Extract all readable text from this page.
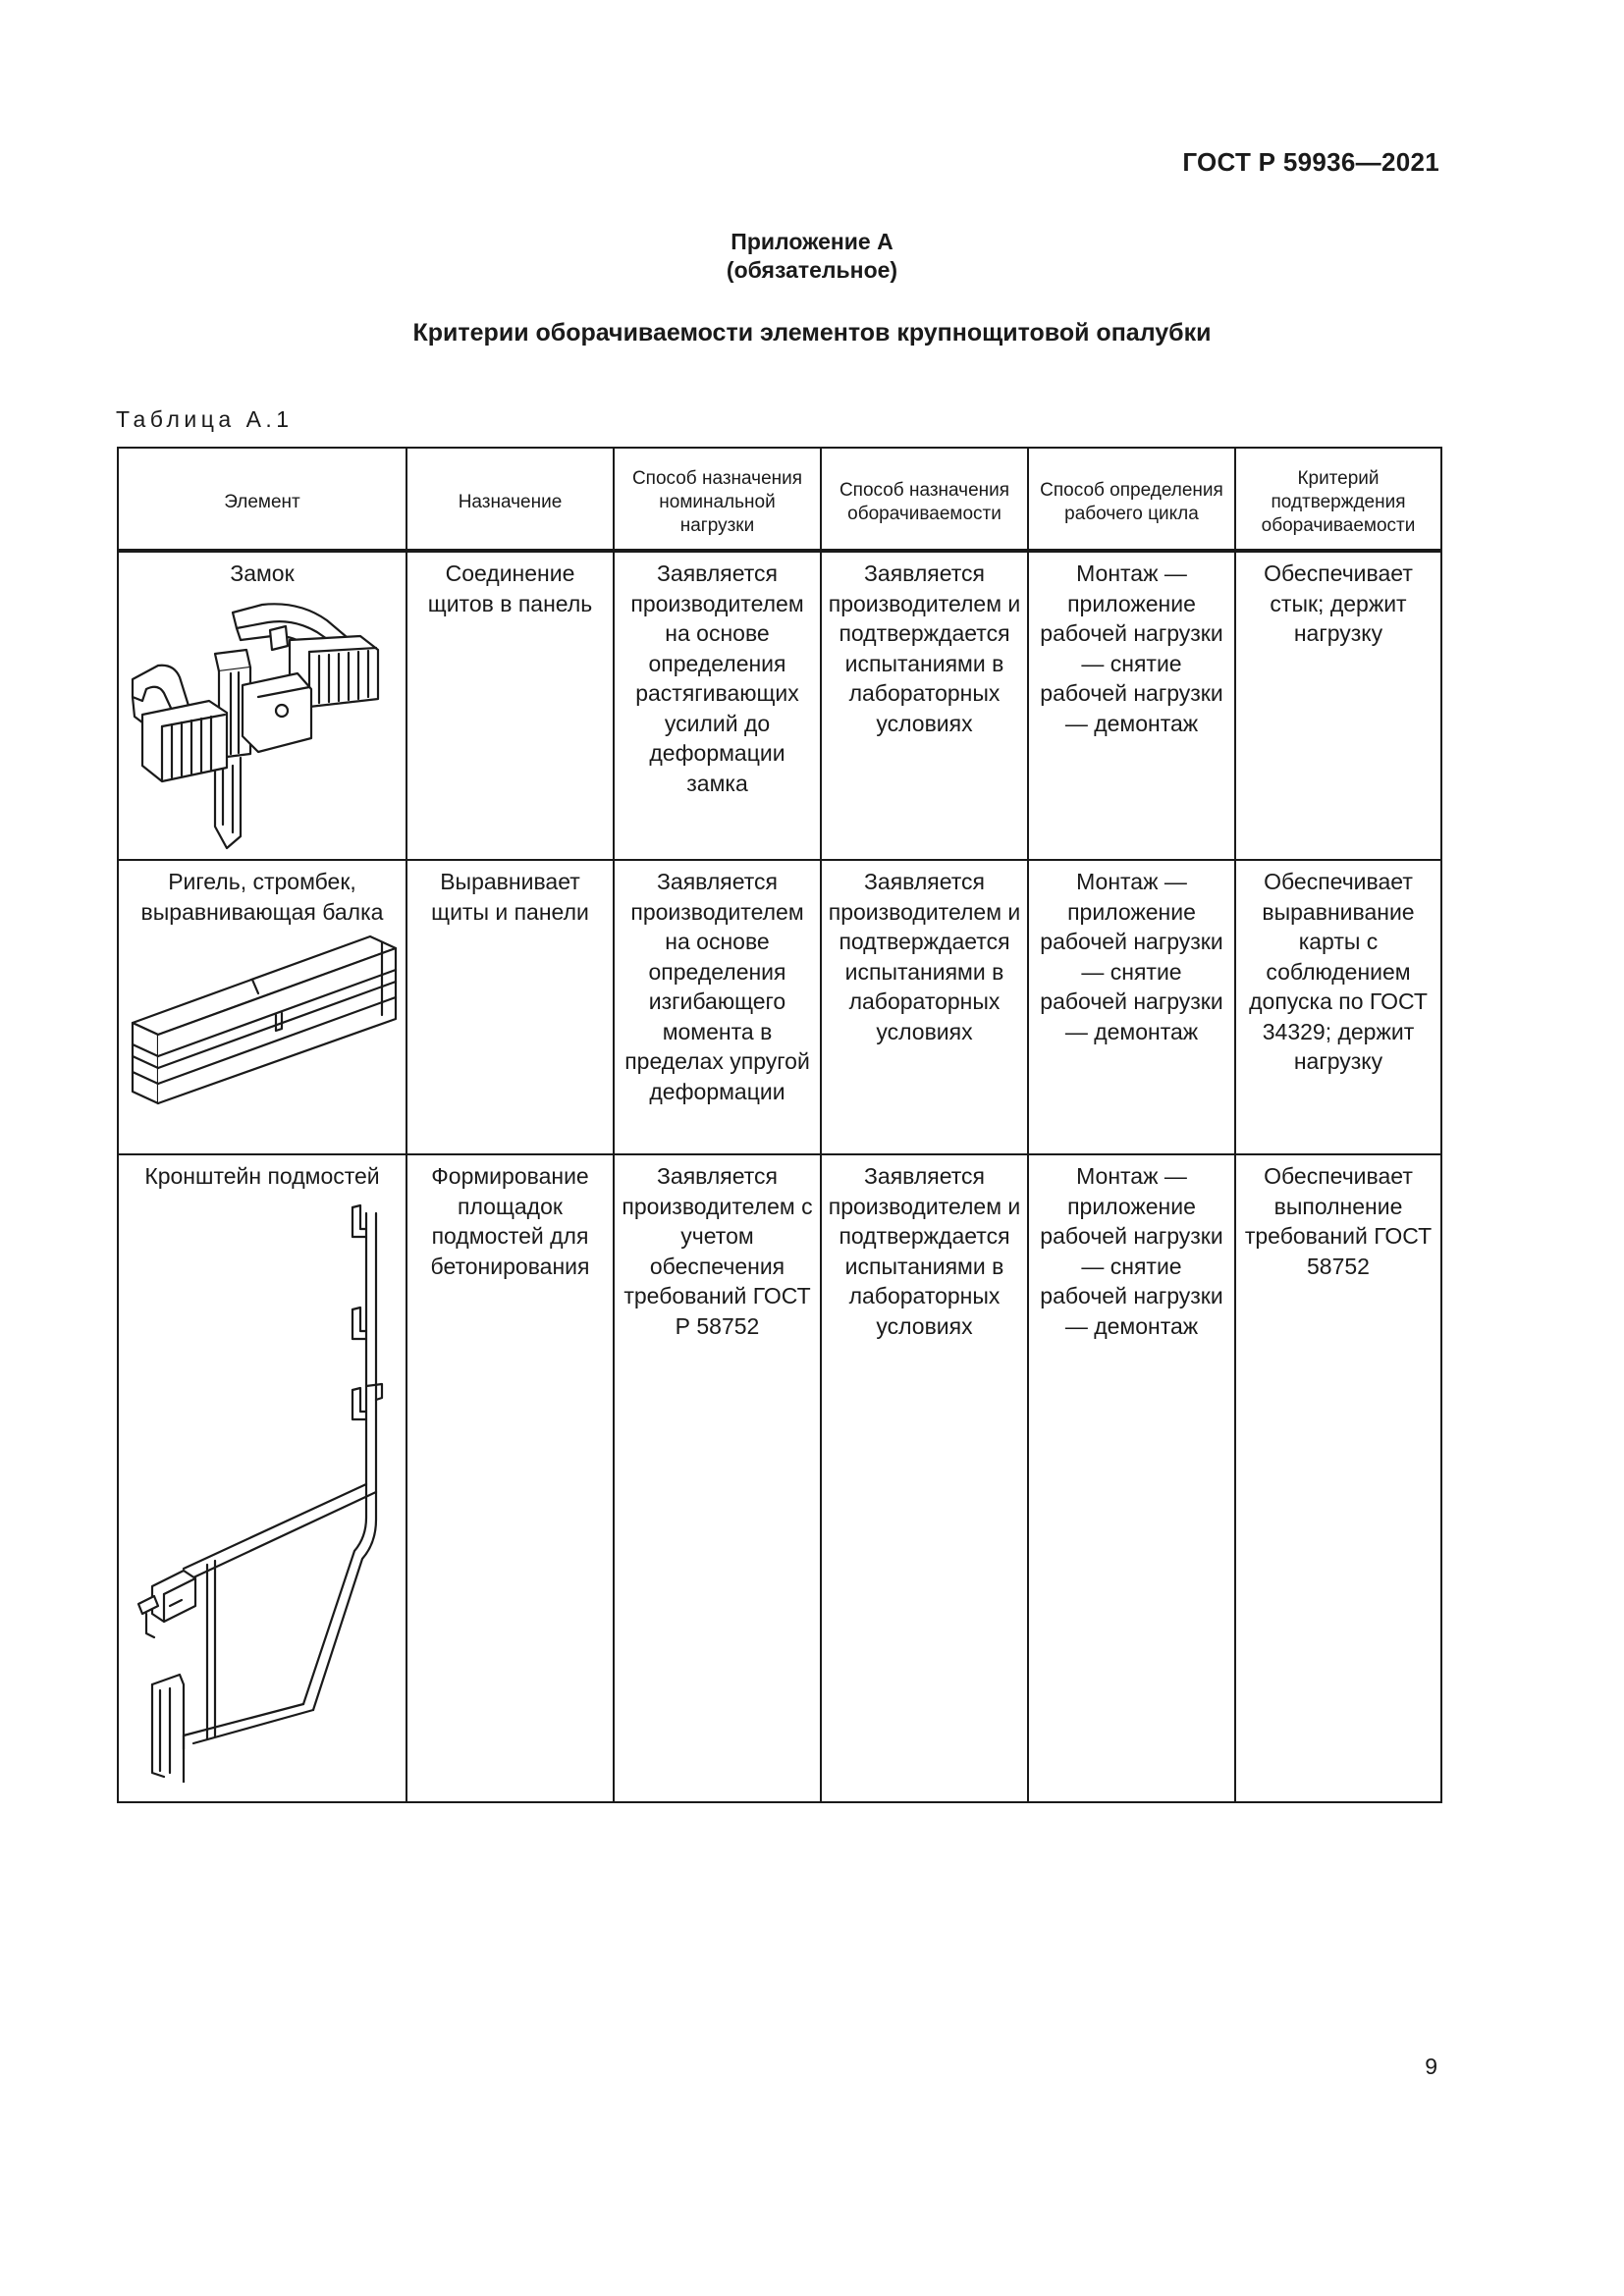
ГОСТ Р 59936—2021
Приложение А
(обязательное)
Критерии оборачиваемости элементов крупнощитовой опалубки
Таблица А.1
Элемент	Назначение	Способ назначения номинальной нагрузки	Способ назначения оборачиваемости	Способ определения рабочего цикла	Критерий подтверждения оборачиваемости

Замок	Соединение щитов в панель	Заявляется производителем на основе определения растягивающих усилий до деформации замка	Заявляется производителем и подтверждается испытаниями в лабораторных условиях	Монтаж — приложение рабочей нагрузки — снятие рабочей нагрузки — демонтаж	Обеспечивает стык; держит нагрузку

Ригель, стромбек, выравнивающая балка	Выравнивает щиты и панели	Заявляется производителем на основе определения изгибающего момента в пределах упругой деформации	Заявляется производителем и подтверждается испытаниями в лабораторных условиях	Монтаж — приложение рабочей нагрузки — снятие рабочей нагрузки — демонтаж	Обеспечивает выравнивание карты с соблюдением допуска по ГОСТ 34329; держит нагрузку

Кронштейн подмостей	Формирование площадок подмостей для бетонирования	Заявляется производителем с учетом обеспечения требований ГОСТ Р 58752	Заявляется производителем и подтверждается испытаниями в лабораторных условиях	Монтаж — приложение рабочей нагрузки — снятие рабочей нагрузки — демонтаж	Обеспечивает выполнение требований ГОСТ 58752
9
